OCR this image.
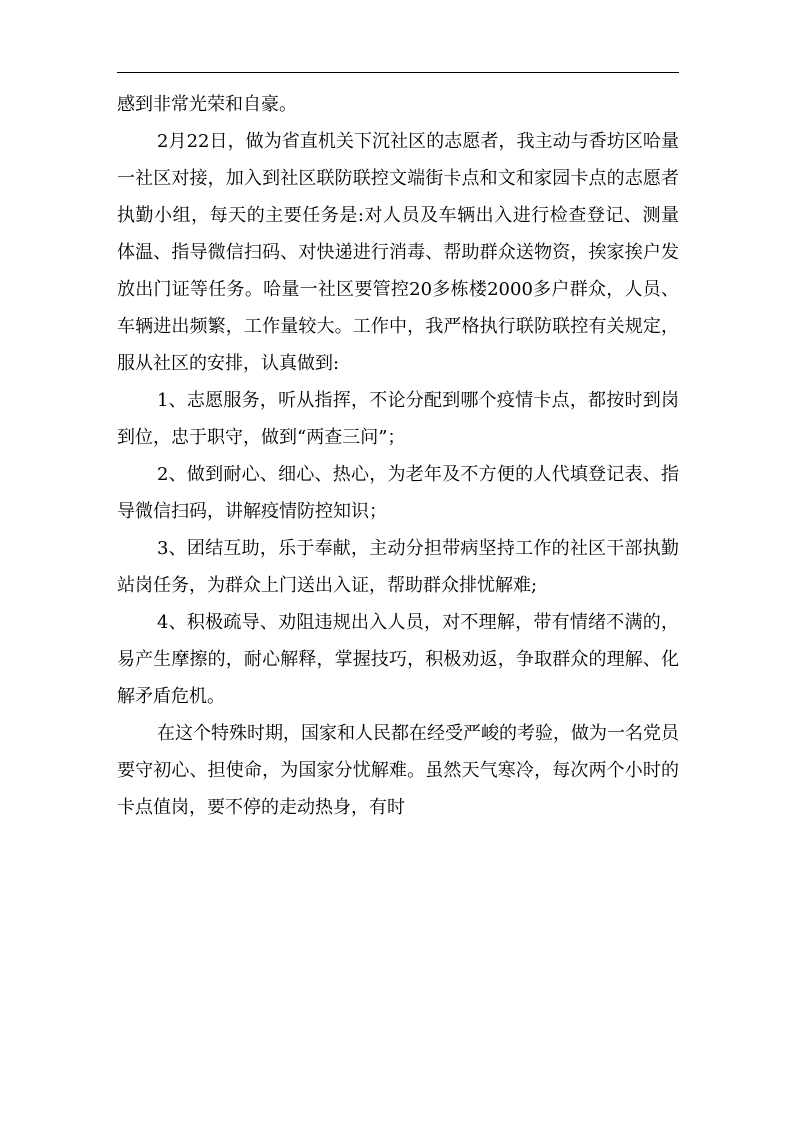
感到非常光荣和自豪。

2月22日，做为省直机关下沉社区的志愿者，我主动与香坊区哈量一社区对接，加入到社区联防联控文端街卡点和文和家园卡点的志愿者执勤小组，每天的主要任务是:对人员及车辆出入进行检查登记、测量体温、指导微信扫码、对快递进行消毒、帮助群众送物资，挨家挨户发放出门证等任务。哈量一社区要管控20多栋楼2000多户群众，人员、车辆进出频繁，工作量较大。工作中，我严格执行联防联控有关规定，服从社区的安排，认真做到:

1、志愿服务，听从指挥，不论分配到哪个疫情卡点，都按时到岗到位，忠于职守，做到“两查三问”；

2、做到耐心、细心、热心，为老年及不方便的人代填登记表、指导微信扫码，讲解疫情防控知识；

3、团结互助，乐于奉献，主动分担带病坚持工作的社区干部执勤站岗任务，为群众上门送出入证，帮助群众排忧解难;

4、积极疏导、劝阻违规出入人员，对不理解，带有情绪不满的，易产生摩擦的，耐心解释，掌握技巧，积极劝返，争取群众的理解、化解矛盾危机。

在这个特殊时期，国家和人民都在经受严峻的考验，做为一名党员要守初心、担使命，为国家分忧解难。虽然天气寒冷，每次两个小时的卡点值岗，要不停的走动热身，有时
